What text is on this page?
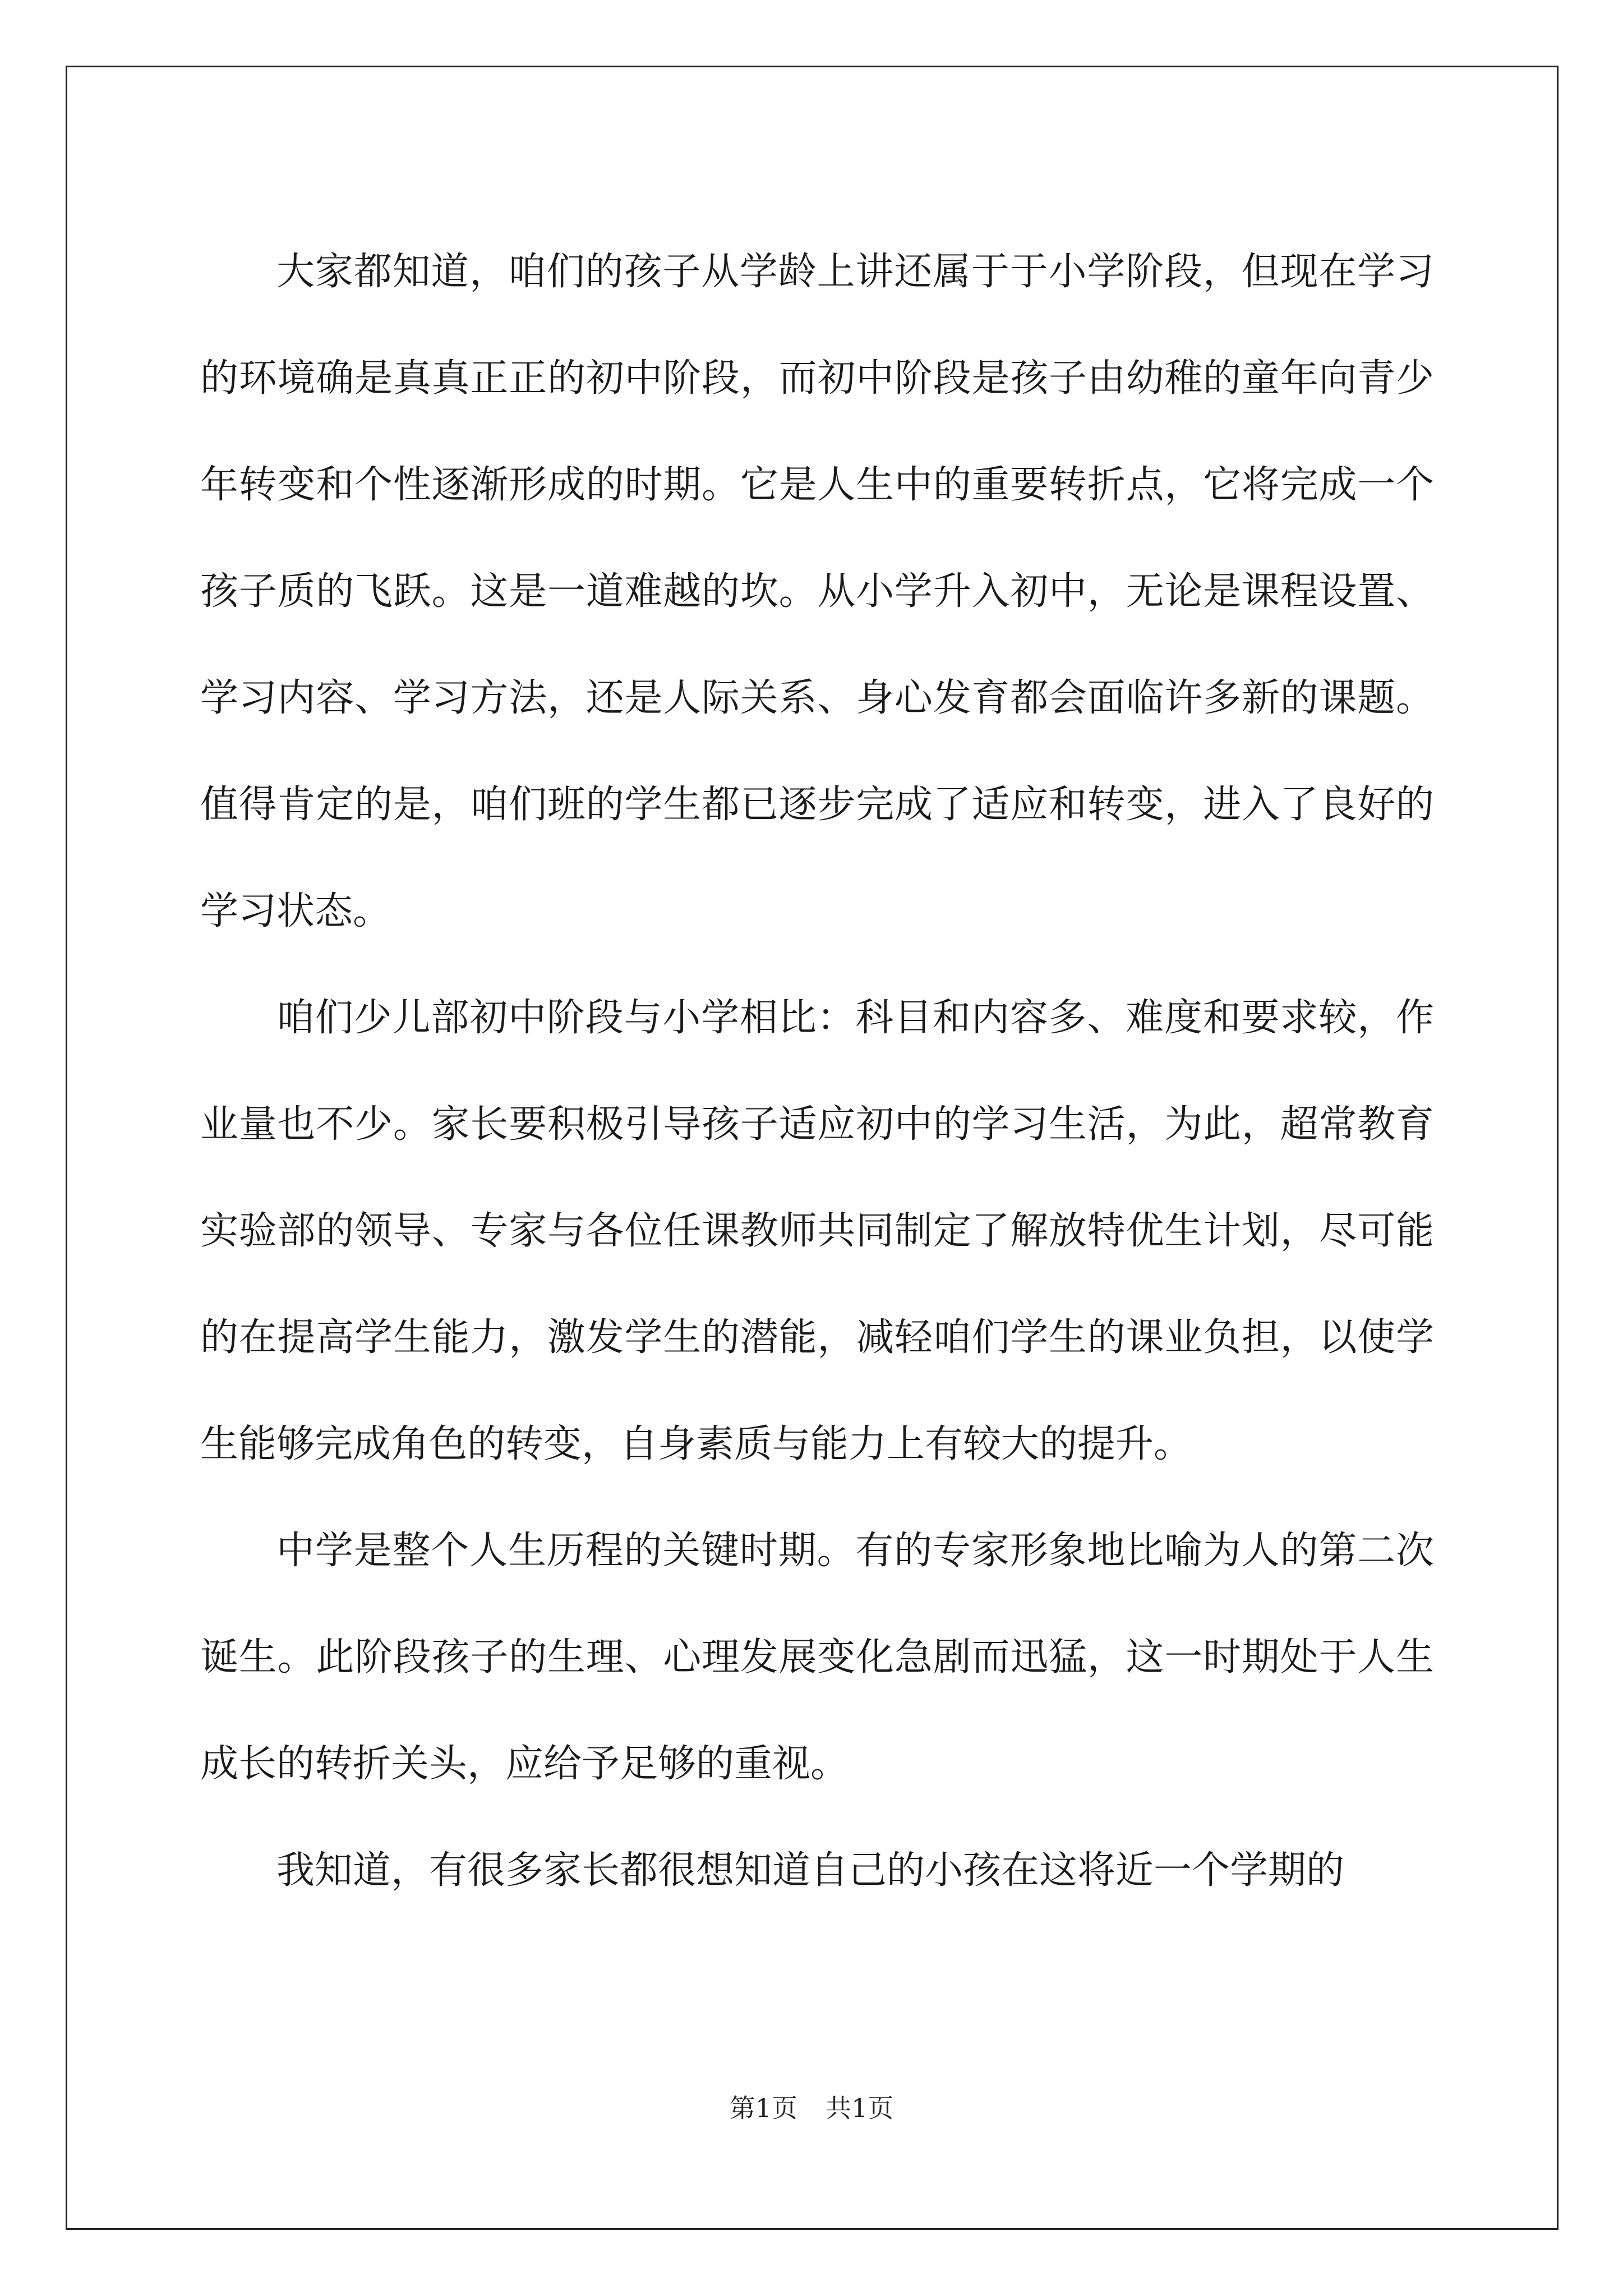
大家都知道，咱们的孩子从学龄上讲还属于于小学阶段，但现在学习的环境确是真真正正的初中阶段，而初中阶段是孩子由幼稚的童年向青少年转变和个性逐渐形成的时期。它是人生中的重要转折点，它将完成一个孩子质的飞跃。这是一道难越的坎。从小学升入初中，无论是课程设置、学习内容、学习方法，还是人际关系、身心发育都会面临许多新的课题。值得肯定的是，咱们班的学生都已逐步完成了适应和转变，进入了良好的学习状态。

咱们少儿部初中阶段与小学相比：科目和内容多、难度和要求较，作业量也不少。家长要积极引导孩子适应初中的学习生活，为此，超常教育实验部的领导、专家与各位任课教师共同制定了解放特优生计划，尽可能的在提高学生能力，激发学生的潜能，减轻咱们学生的课业负担，以使学生能够完成角色的转变，自身素质与能力上有较大的提升。

中学是整个人生历程的关键时期。有的专家形象地比喻为人的第二次诞生。此阶段孩子的生理、心理发展变化急剧而迅猛，这一时期处于人生成长的转折关头，应给予足够的重视。

我知道，有很多家长都很想知道自己的小孩在这将近一个学期的

第1页 共1页
